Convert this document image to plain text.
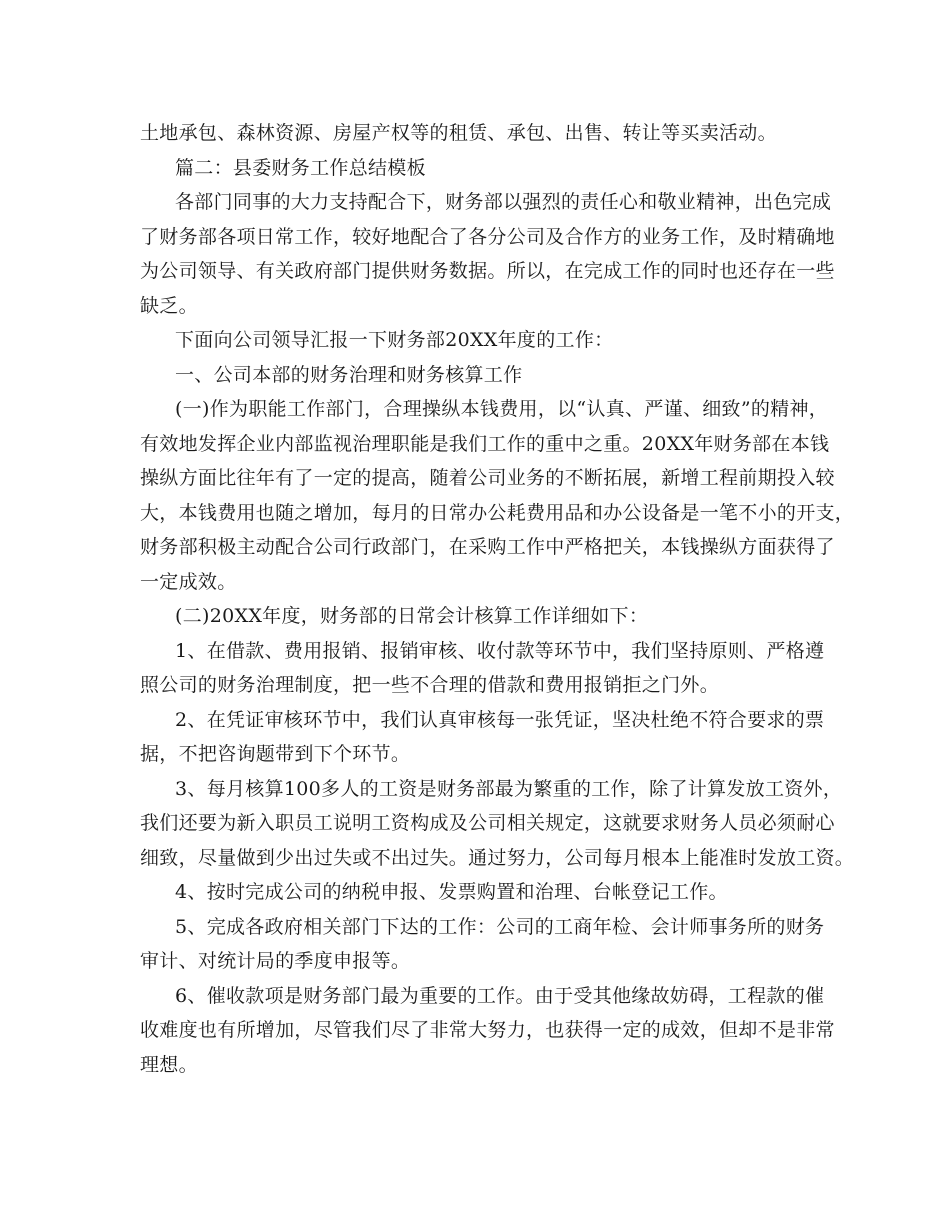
土地承包、森林资源、房屋产权等的租赁、承包、出售、转让等买卖活动。
篇二：县委财务工作总结模板
各部门同事的大力支持配合下，财务部以强烈的责任心和敬业精神，出色完成
了财务部各项日常工作，较好地配合了各分公司及合作方的业务工作，及时精确地
为公司领导、有关政府部门提供财务数据。所以，在完成工作的同时也还存在一些
缺乏。
下面向公司领导汇报一下财务部20XX年度的工作：
一、公司本部的财务治理和财务核算工作
(一)作为职能工作部门，合理操纵本钱费用，以“认真、严谨、细致”的精神，
有效地发挥企业内部监视治理职能是我们工作的重中之重。20XX年财务部在本钱
操纵方面比往年有了一定的提高，随着公司业务的不断拓展，新增工程前期投入较
大，本钱费用也随之增加，每月的日常办公耗费用品和办公设备是一笔不小的开支，
财务部积极主动配合公司行政部门，在采购工作中严格把关，本钱操纵方面获得了
一定成效。
(二)20XX年度，财务部的日常会计核算工作详细如下：
1、在借款、费用报销、报销审核、收付款等环节中，我们坚持原则、严格遵
照公司的财务治理制度，把一些不合理的借款和费用报销拒之门外。
2、在凭证审核环节中，我们认真审核每一张凭证，坚决杜绝不符合要求的票
据，不把咨询题带到下个环节。
3、每月核算100多人的工资是财务部最为繁重的工作，除了计算发放工资外，
我们还要为新入职员工说明工资构成及公司相关规定，这就要求财务人员必须耐心
细致，尽量做到少出过失或不出过失。通过努力，公司每月根本上能准时发放工资。
4、按时完成公司的纳税申报、发票购置和治理、台帐登记工作。
5、完成各政府相关部门下达的工作：公司的工商年检、会计师事务所的财务
审计、对统计局的季度申报等。
6、催收款项是财务部门最为重要的工作。由于受其他缘故妨碍，工程款的催
收难度也有所增加，尽管我们尽了非常大努力，也获得一定的成效，但却不是非常
理想。
